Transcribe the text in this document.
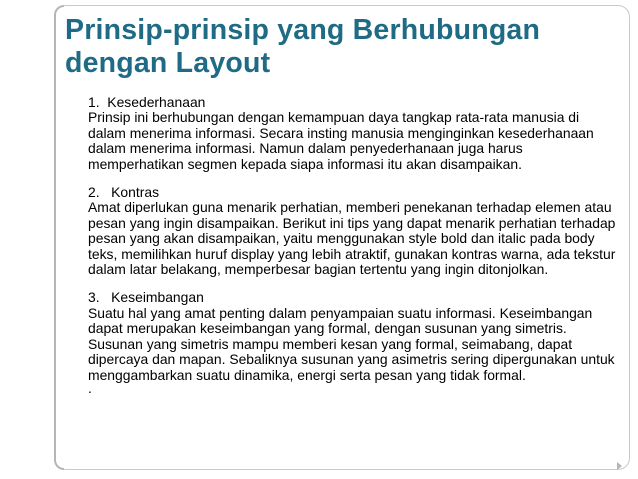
Prinsip-prinsip yang Berhubungan
dengan Layout
1.  Kesederhanaan
Prinsip ini berhubungan dengan kemampuan daya tangkap rata-rata manusia di dalam menerima informasi. Secara insting manusia menginginkan kesederhanaan dalam menerima informasi. Namun dalam penyederhanaan juga harus memperhatikan segmen kepada siapa informasi itu akan disampaikan.
2.   Kontras
Amat diperlukan guna menarik perhatian, memberi penekanan terhadap elemen atau pesan yang ingin disampaikan. Berikut ini tips yang dapat menarik perhatian terhadap pesan yang akan disampaikan, yaitu menggunakan style bold dan italic pada body teks, memilihkan huruf display yang lebih atraktif, gunakan kontras warna, ada tekstur dalam latar belakang, memperbesar bagian tertentu yang ingin ditonjolkan.
3.   Keseimbangan
Suatu hal yang amat penting dalam penyampaian suatu informasi. Keseimbangan dapat merupakan keseimbangan yang formal, dengan susunan yang simetris. Susunan yang simetris mampu memberi kesan yang formal, seimabang, dapat dipercaya dan mapan. Sebaliknya susunan yang asimetris sering dipergunakan untuk menggambarkan suatu dinamika, energi serta pesan yang tidak formal.
.
